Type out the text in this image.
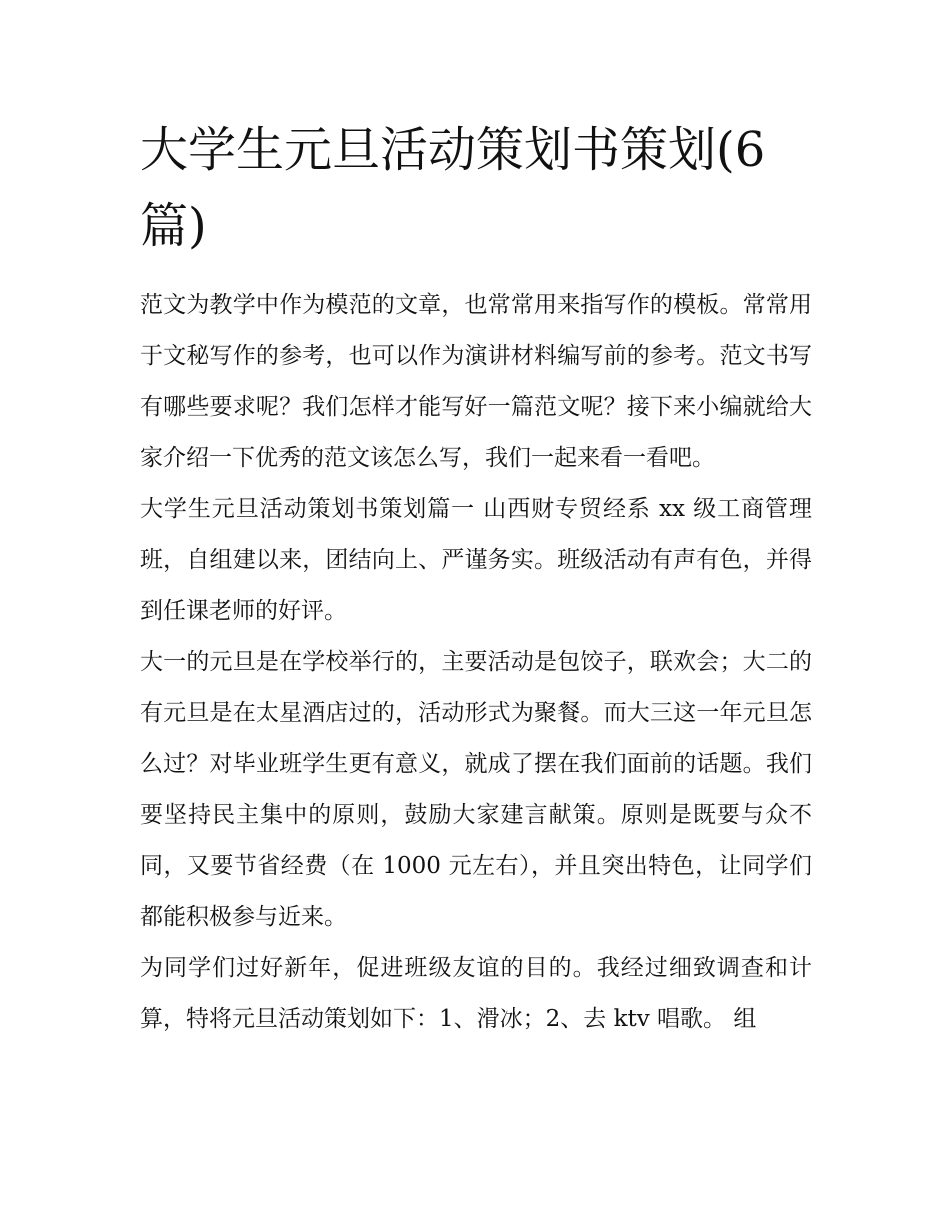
大学生元旦活动策划书策划(6篇)

范文为教学中作为模范的文章，也常常用来指写作的模板。常常用于文秘写作的参考，也可以作为演讲材料编写前的参考。范文书写有哪些要求呢？我们怎样才能写好一篇范文呢？接下来小编就给大家介绍一下优秀的范文该怎么写，我们一起来看一看吧。

大学生元旦活动策划书策划篇一 山西财专贸经系 xx 级工商管理班，自组建以来，团结向上、严谨务实。班级活动有声有色，并得到任课老师的好评。

大一的元旦是在学校举行的，主要活动是包饺子，联欢会；大二的有元旦是在太星酒店过的，活动形式为聚餐。而大三这一年元旦怎么过？对毕业班学生更有意义，就成了摆在我们面前的话题。我们要坚持民主集中的原则，鼓励大家建言献策。原则是既要与众不同，又要节省经费（在 1000 元左右），并且突出特色，让同学们都能积极参与近来。

为同学们过好新年，促进班级友谊的目的。我经过细致调查和计算，特将元旦活动策划如下：1、滑冰；2、去 ktv 唱歌。 组
